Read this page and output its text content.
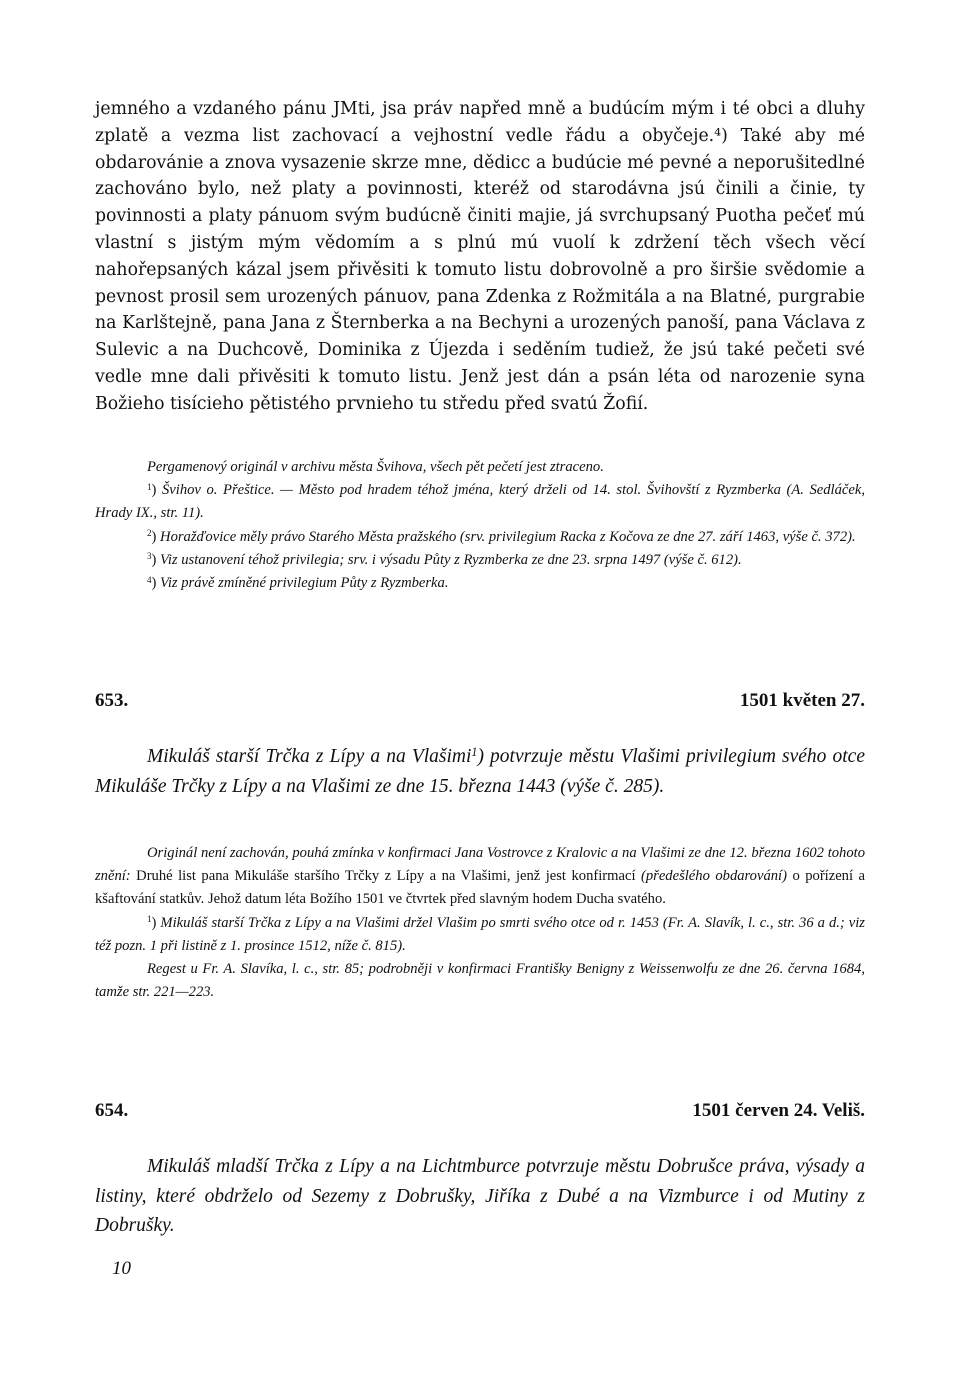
jemného a vzdaného pánu JMti, jsa práv napřed mně a budúcím mým i té obci a dluhy zplatě a vezma list zachovací a vejhostní vedle řádu a obyčeje.⁴) Také aby mé obdarovánie a znova vysazenie skrze mne, dědicc a budúcie mé pevné a neporušitedlné zachováno bylo, než platy a povinnosti, kteréž od starodávna jsú činili a činie, ty povinnosti a platy pánuom svým budúcně činiti majie, já svrchupsaný Puotha pečeť mú vlastní s jistým mým vědomím a s plnú mú vuolí k zdržení těch všech věcí nahořepsaných kázal jsem přivěsiti k tomuto listu dobrovolně a pro širšie svědomie a pevnost prosil sem urozených pánuov, pana Zdenka z Rožmitála a na Blatné, purgrabie na Karlštejně, pana Jana z Šternberka a na Bechyni a urozených panoší, pana Václava z Sulevic a na Duchcově, Dominika z Újezda i seděním tudiež, že jsú také pečeti své vedle mne dali přivěsiti k tomuto listu. Jenž jest dán a psán léta od narozenie syna Božieho tisícieho pětistého prvnieho tu středu před svatú Žofií.

Pergamenový originál v archivu města Švihova, všech pět pečetí jest ztraceno.

$^1$) Švihov o. Přeštice. — Město pod hradem téhož jména, který drželi od 14. stol. Švihovští z Ryzmberka (A. Sedláček, Hrady IX., str. 11).

$^2$) Horažďovice měly právo Starého Města pražského (srv. privilegium Racka z Kočova ze dne 27. září 1463, výše č. 372).

$^3$) Viz ustanovení téhož privilegia; srv. i výsadu Půty z Ryzmberka ze dne 23. srpna 1497 (výše č. 612).

$^4$) Viz právě zmíněné privilegium Půty z Ryzmberka.

653.	1501 květen 27.

Mikuláš starší Trčka z Lípy a na Vlašimi$^1$) potvrzuje městu Vlašimi privilegium svého otce Mikuláše Trčky z Lípy a na Vlašimi ze dne 15. března 1443 (výše č. 285).

Originál není zachován, pouhá zmínka v konfirmaci Jana Vostrovce z Kralovic a na Vlašimi ze dne 12. března 1602 tohoto znění: Druhé list pana Mikuláše staršího Trčky z Lípy a na Vlašimi, jenž jest konfirmací (předešlého obdarování) o pořízení a kšaftování statkův. Jehož datum léta Božího 1501 ve čtvrtek před slavným hodem Ducha svatého.

$^1$) Mikuláš starší Trčka z Lípy a na Vlašimi držel Vlašim po smrti svého otce od r. 1453 (Fr. A. Slavík, l. c., str. 36 a d.; viz též pozn. 1 při listině z 1. prosince 1512, níže č. 815).

Regest u Fr. A. Slavíka, l. c., str. 85; podrobněji v konfirmaci Františky Benigny z Weissenwolfu ze dne 26. června 1684, tamže str. 221—223.

654.	1501 červen 24. Veliš.

Mikuláš mladší Trčka z Lípy a na Lichtmburce potvrzuje městu Dobrušce práva, výsady a listiny, které obdrželo od Sezemy z Dobrušky, Jiříka z Dubé a na Vizmburce i od Mutiny z Dobrušky.

10
